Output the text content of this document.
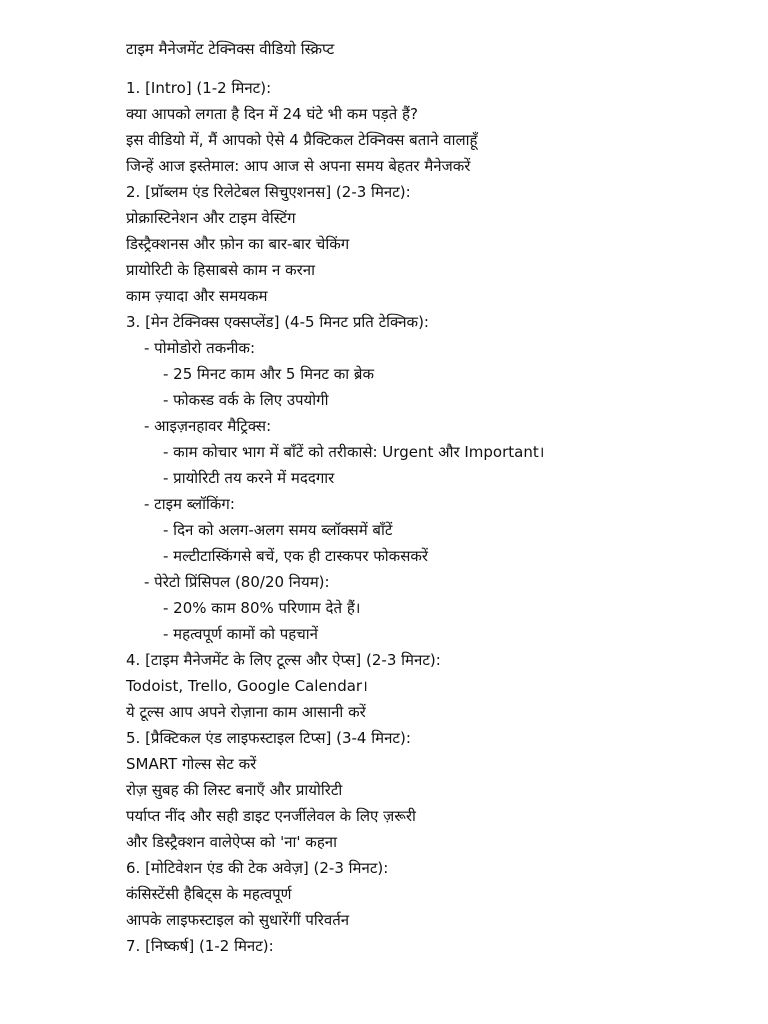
टाइम मैनेजमेंट टेक्निक्स वीडियो स्क्रिप्ट
1. [Intro] (1-2 मिनट):
क्या आपको लगता है दिन में 24 घंटे भी कम पड़ते हैं?
इस वीडियो में, मैं आपको ऐसे 4 प्रैक्टिकल टेक्निक्स बताने वालाहूँ
जिन्हें आज इस्तेमाल: आप आज से अपना समय बेहतर मैनेजकरें
2. [प्रॉब्लम एंड रिलेटेबल सिचुएशनस] (2-3 मिनट):
प्रोक्रास्टिनेशन और टाइम वेस्टिंग
डिस्ट्रैक्शनस और फ़ोन का बार-बार चेकिंग
प्रायोरिटी के हिसाबसे काम न करना
काम ज़्यादा और समयकम
3. [मेन टेक्निक्स एक्सप्लेंड] (4-5 मिनट प्रति टेक्निक):
- पोमोडोरो तकनीक:
- 25 मिनट काम और 5 मिनट का ब्रेक
- फोकस्ड वर्क के लिए उपयोगी
- आइज़नहावर मैट्रिक्स:
- काम कोचार भाग में बाँटें को तरीकासे: Urgent और Important।
- प्रायोरिटी तय करने में मददगार
- टाइम ब्लॉकिंग:
- दिन को अलग-अलग समय ब्लॉक्समें बाँटें
- मल्टीटास्किंगसे बचें, एक ही टास्कपर फोकसकरें
- पेरेटो प्रिंसिपल (80/20 नियम):
- 20% काम 80% परिणाम देते हैं।
- महत्वपूर्ण कामों को पहचानें
4. [टाइम मैनेजमेंट के लिए टूल्स और ऐप्स] (2-3 मिनट):
Todoist, Trello, Google Calendar।
ये टूल्स आप अपने रोज़ाना काम आसानी करें
5. [प्रैक्टिकल एंड लाइफस्टाइल टिप्स] (3-4 मिनट):
SMART गोल्स सेट करें
रोज़ सुबह की लिस्ट बनाएँ और प्रायोरिटी
पर्याप्त नींद और सही डाइट एनर्जीलेवल के लिए ज़रूरी
और डिस्ट्रैक्शन वालेऐप्स को 'ना' कहना
6. [मोटिवेशन एंड की टेक अवेज़] (2-3 मिनट):
कंसिस्टेंसी हैबिट्स के महत्वपूर्ण
आपके लाइफस्टाइल को सुधारेंगीं परिवर्तन
7. [निष्कर्ष] (1-2 मिनट):
